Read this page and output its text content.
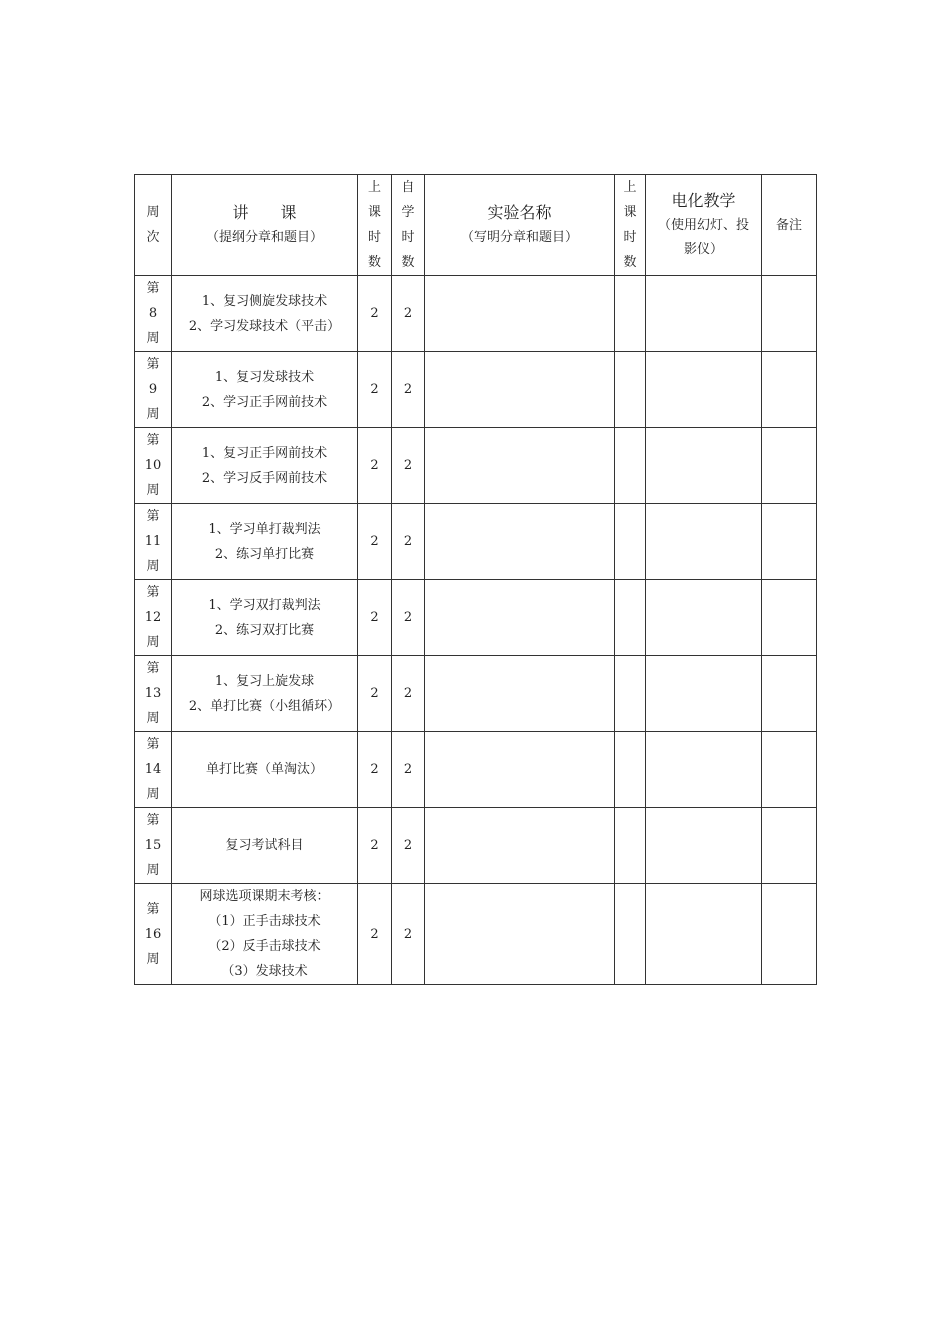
周
次	讲　　课
（提纲分章和题目）	上
课
时
数	自
学
时
数	实验名称
（写明分章和题目）	上
课
时
数	电化教学
（使用幻灯、投
影仪）	备注

第
8
周	1、复习侧旋发球技术
2、学习发球技术（平击）	2	2				

第
9
周	1、复习发球技术
2、学习正手网前技术	2	2				

第
10
周	1、复习正手网前技术
2、学习反手网前技术	2	2				

第
11
周	1、学习单打裁判法
2、练习单打比赛	2	2				

第
12
周	1、学习双打裁判法
2、练习双打比赛	2	2				

第
13
周	1、复习上旋发球
2、单打比赛（小组循环）	2	2				

第
14
周	单打比赛（单淘汰）	2	2				

第
15
周	复习考试科目	2	2				

第
16
周	网球选项课期末考核：
（1）正手击球技术
（2）反手击球技术
（3）发球技术	2	2				
